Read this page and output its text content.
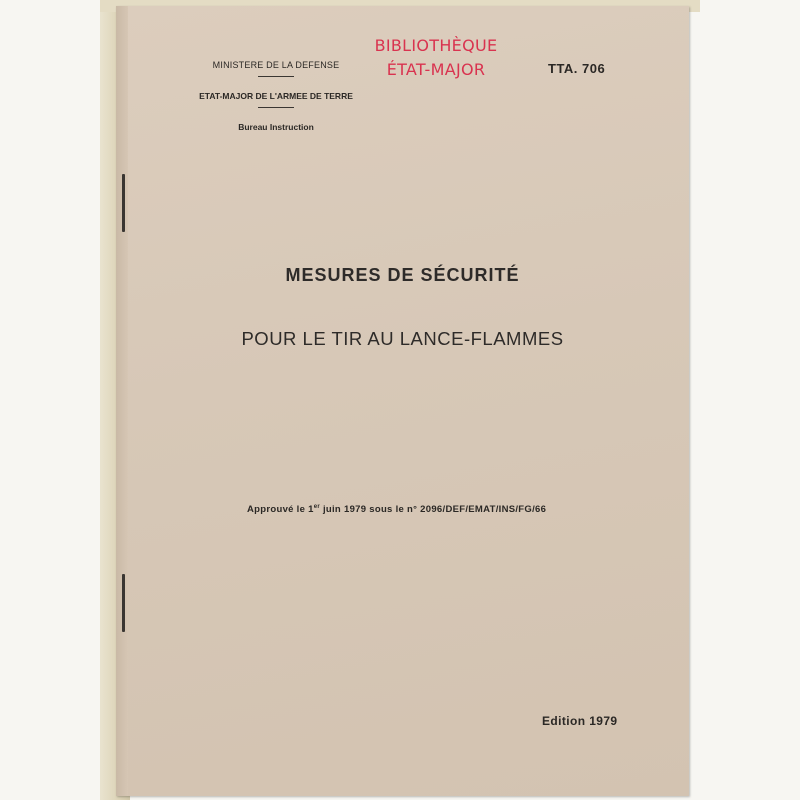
MINISTERE DE LA DEFENSE

ETAT-MAJOR DE L'ARMEE DE TERRE

Bureau Instruction

BIBLIOTHÈQUE
ÉTAT-MAJOR	TTA. 706
MESURES DE SÉCURITÉ
POUR LE TIR AU LANCE-FLAMMES
Approuvé le 1er juin 1979 sous le n° 2096/DEF/EMAT/INS/FG/66
Edition 1979
